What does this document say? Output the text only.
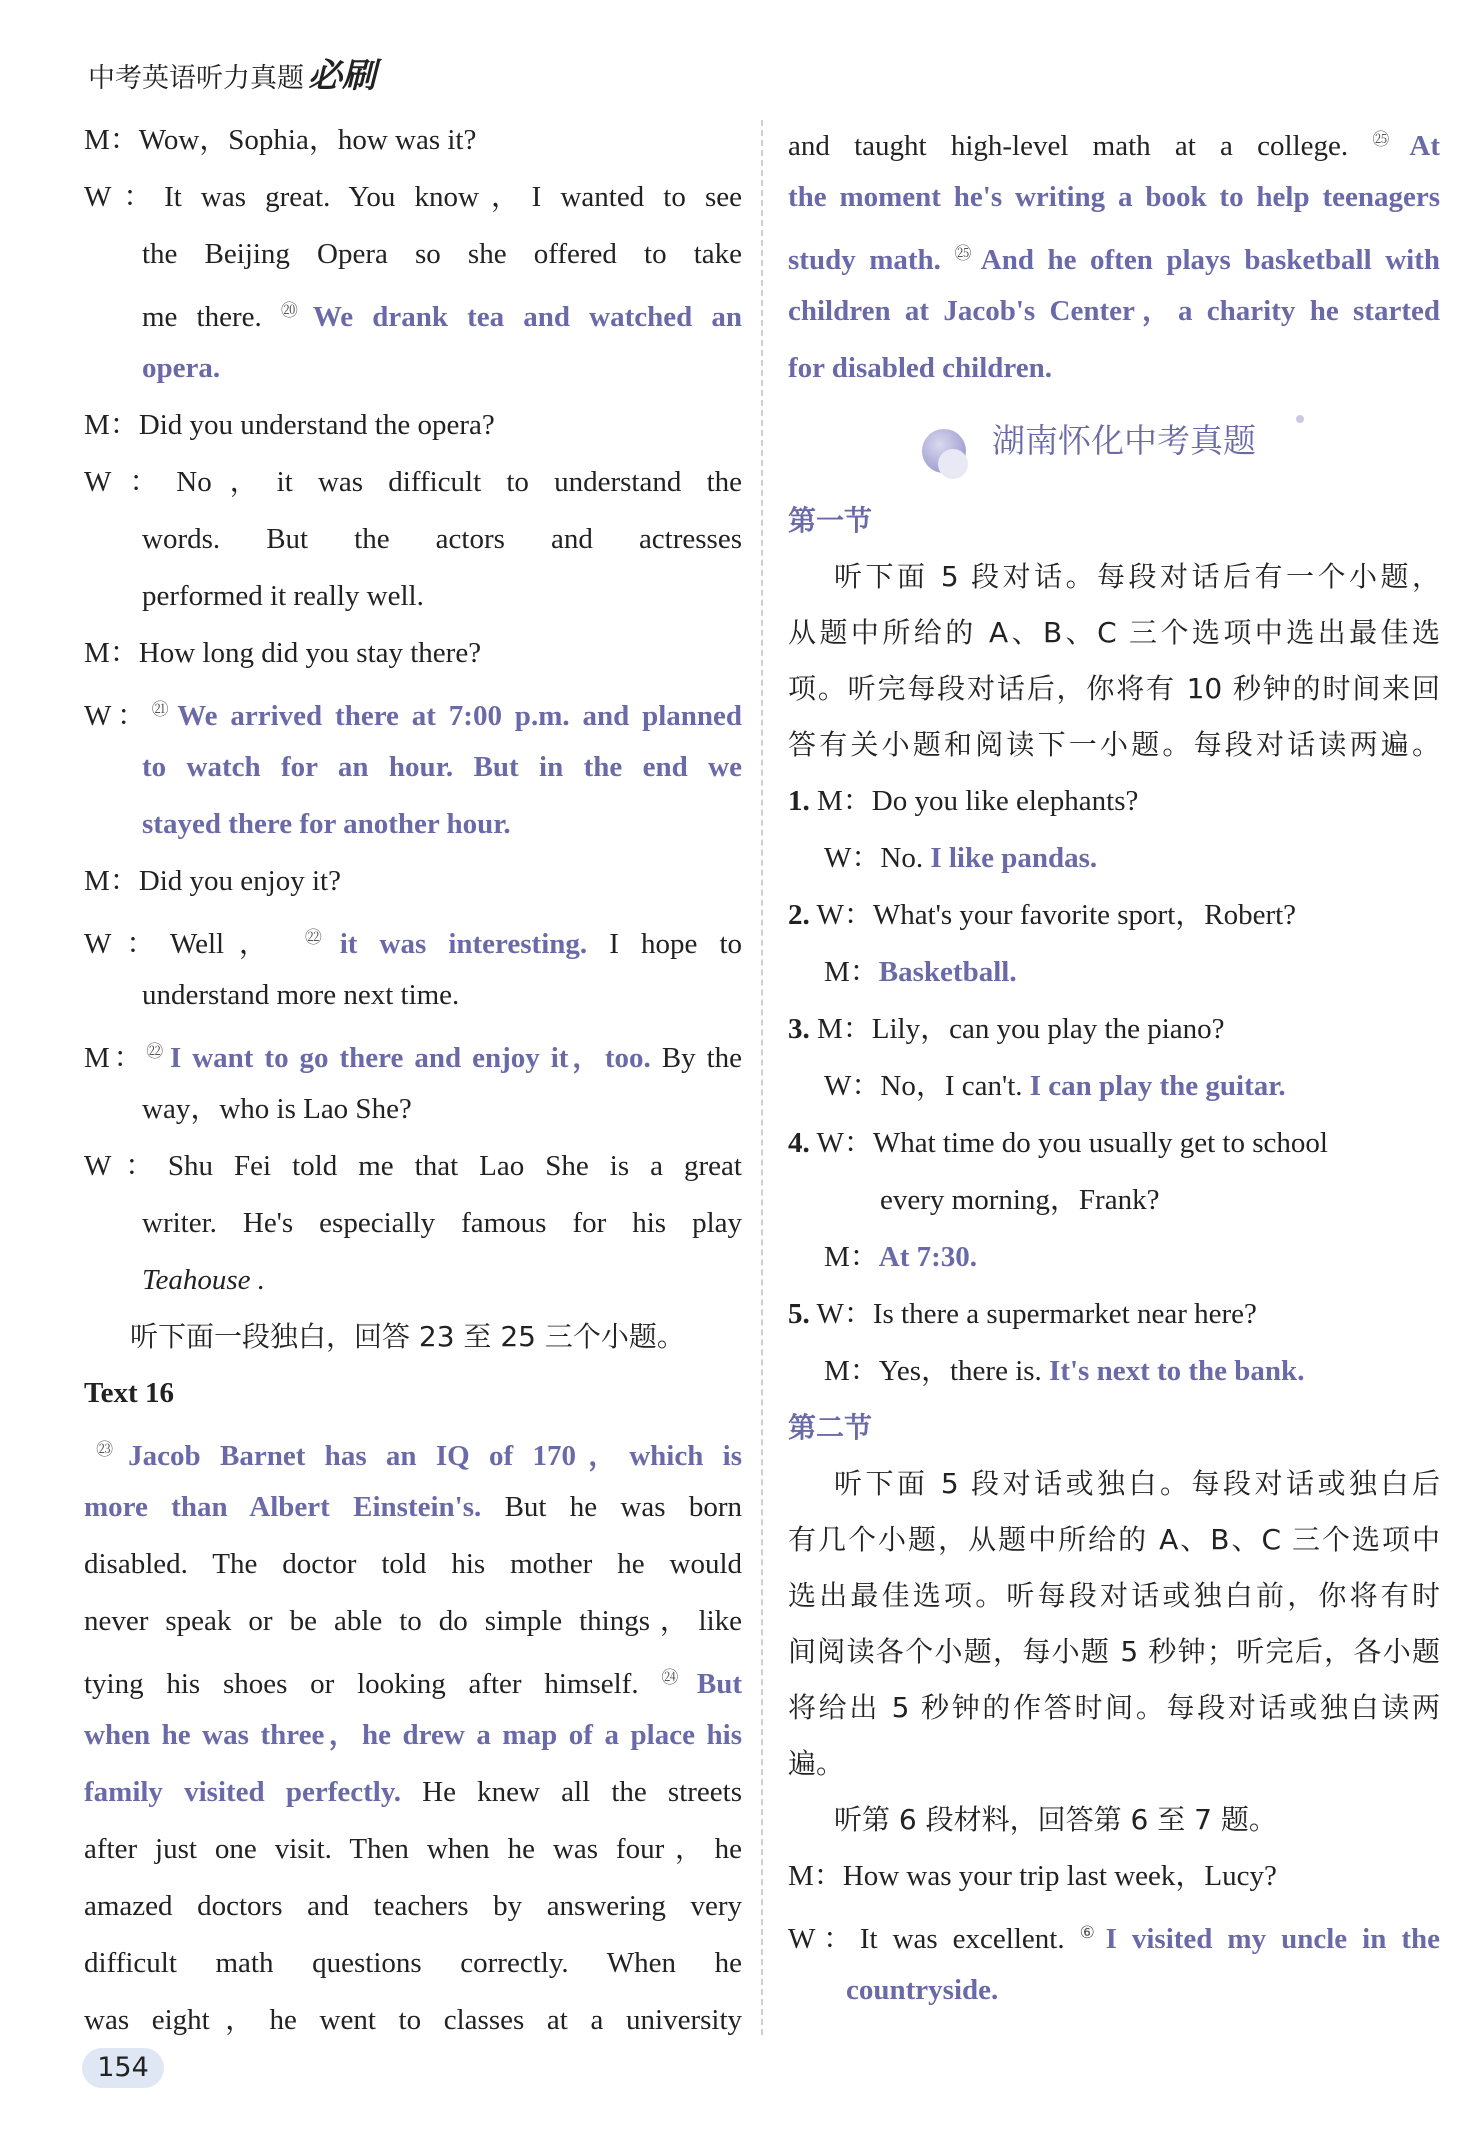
中考英语听力真题 必刷
M：Wow，Sophia，how was it?
W：It was great. You know，I wanted to see
the Beijing Opera so she offered to take
me there. ⑳ We drank tea and watched an
opera.
M：Did you understand the opera?
W：No，it was difficult to understand the
words. But the actors and actresses
performed it really well.
M：How long did you stay there?
W：$^㉑$ We arrived there at 7:00 p.m. and planned
to watch for an hour. But in the end we
stayed there for another hour.
M：Did you enjoy it?
W：Well， $^㉒$ it was interesting. I hope to
understand more next time.
M：$^㉒$ I want to go there and enjoy it，too. By the
way，who is Lao She?
W：Shu Fei told me that Lao She is a great
writer. He's especially famous for his play
Teahouse .
听下面一段独白，回答 23 至 25 三个小题。
Text 16
$^㉓$ Jacob Barnet has an IQ of 170，which is
more than Albert Einstein's. But he was born
disabled. The doctor told his mother he would
never speak or be able to do simple things，like
tying his shoes or looking after himself. $^㉔$ But
when he was three，he drew a map of a place his
family visited perfectly. He knew all the streets
after just one visit. Then when he was four，he
amazed doctors and teachers by answering very
difficult math questions correctly. When he
was eight，he went to classes at a university
and taught high-level math at a college. $^㉕$ At
the moment he's writing a book to help teenagers
study math. $^㉕$ And he often plays basketball with
children at Jacob's Center，a charity he started
for disabled children.
湖南怀化中考真题
第一节
听下面 5 段对话。每段对话后有一个小题，
从题中所给的 A、B、C 三个选项中选出最佳选
项。听完每段对话后，你将有 10 秒钟的时间来回
答有关小题和阅读下一小题。每段对话读两遍。
1. M：Do you like elephants?
W：No. I like pandas.
2. W：What's your favorite sport，Robert?
M：Basketball.
3. M：Lily，can you play the piano?
W：No，I can't. I can play the guitar.
4. W：What time do you usually get to school
every morning，Frank?
M：At 7:30.
5. W：Is there a supermarket near here?
M：Yes，there is. It's next to the bank.
第二节
听下面 5 段对话或独白。每段对话或独白后
有几个小题，从题中所给的 A、B、C 三个选项中
选出最佳选项。听每段对话或独白前，你将有时
间阅读各个小题，每小题 5 秒钟；听完后，各小题
将给出 5 秒钟的作答时间。每段对话或独白读两
遍。
听第 6 段材料，回答第 6 至 7 题。
M：How was your trip last week，Lucy?
W：It was excellent. ⑥ I visited my uncle in the
countryside.
154
